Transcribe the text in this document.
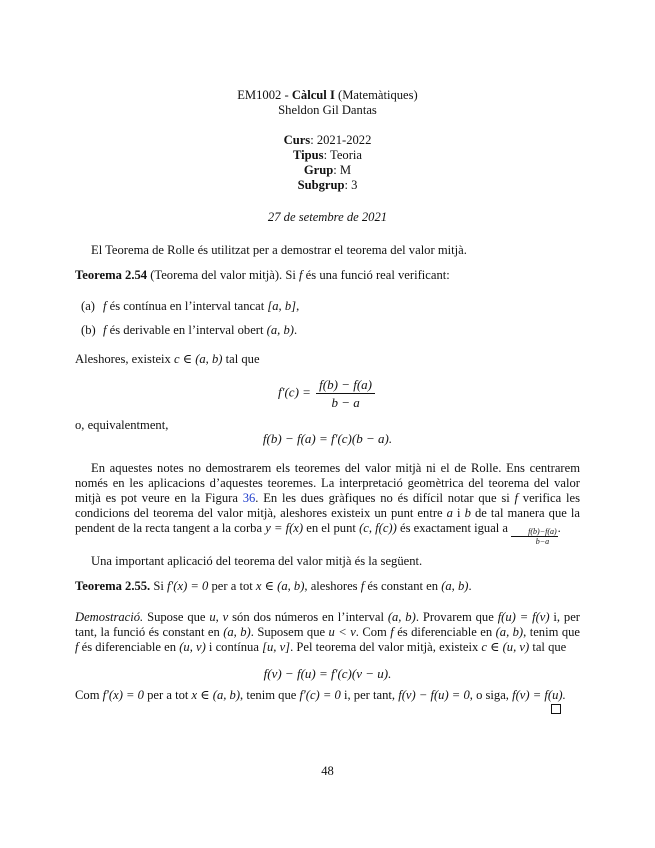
EM1002 - Càlcul I (Matemàtiques)
Sheldon Gil Dantas
Curs: 2021-2022
Tipus: Teoria
Grup: M
Subgrup: 3
27 de setembre de 2021
El Teorema de Rolle és utilitzat per a demostrar el teorema del valor mitjà.
Teorema 2.54 (Teorema del valor mitjà). Si f és una funció real verificant:
(a) f és contínua en l’interval tancat [a, b],
(b) f és derivable en l’interval obert (a, b).
Aleshores, existeix c ∈ (a, b) tal que
$f'(c) = \frac{f(b) - f(a)}{b - a}$
o, equivalentment,
f(b) − f(a) = f′(c)(b − a).
En aquestes notes no demostrarem els teoremes del valor mitjà ni el de Rolle. Ens centrarem només en les aplicacions d’aquestes teoremes. La interpretació geomètrica del teorema del valor mitjà es pot veure en la Figura 36. En les dues gràfiques no és difícil notar que si f verifica les condicions del teorema del valor mitjà, aleshores existeix un punt entre a i b de tal manera que la pendent de la recta tangent a la corba y = f(x) en el punt (c, f(c)) és exactament igual a $\frac{f(b)-f(a)}{b-a}$ .
Una important aplicació del teorema del valor mitjà és la següent.
Teorema 2.55. Si f′(x) = 0 per a tot x ∈ (a, b), aleshores f és constant en (a, b).
Demostració. Supose que u, v són dos números en l’interval (a, b). Provarem que f(u) = f(v) i, per tant, la funció és constant en (a, b). Suposem que u < v. Com f és diferenciable en (a, b), tenim que f és diferenciable en (u, v) i contínua [u, v]. Pel teorema del valor mitjà, existeix c ∈ (u, v) tal que
f(v) − f(u) = f′(c)(v − u).
Com f′(x) = 0 per a tot x ∈ (a, b), tenim que f′(c) = 0 i, per tant, f(v) − f(u) = 0, o siga, f(v) = f(u).
48
